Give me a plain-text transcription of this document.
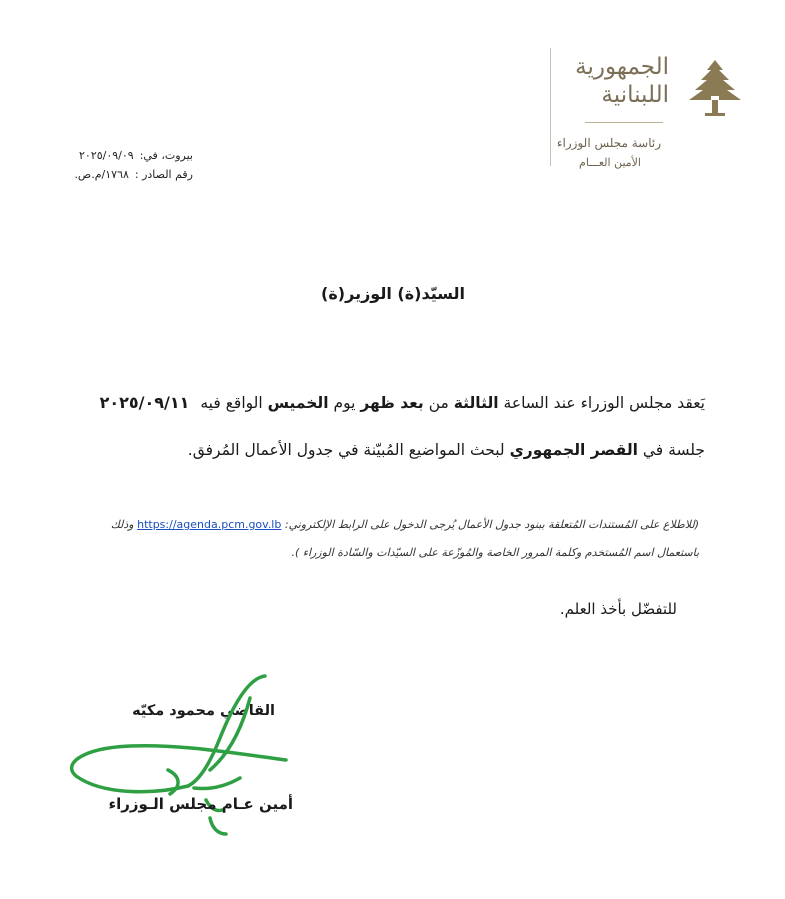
الجمهورية
اللبنانية
رئاسة مجلس الوزراء
الأمين العـــام
بيروت، في:
٢٠٢٥/٠٩/٠٩
رقم الصادر :
١٧٦٨/م.ص.
السيّد(ة) الوزير(ة)
يَعقد مجلس الوزراء عند الساعة الثالثة من بعد ظهر يوم الخميس الواقع فيه ٢٠٢٥/٠٩/١١
جلسة في القصر الجمهوري لبحث المواضيع المُبيّنة في جدول الأعمال المُرفق.
(للاطلاع على المُستندات المُتعلقة ببنود جدول الأعمال يُرجى الدخول على الرابط الإلكتروني: https://agenda.pcm.gov.lb وذلك
باستعمال اسم المُستخدم وكلمة المرور الخاصة والمُوزّعة على السيّدات والسّادة الوزراء ).
للتفضّل بأخذ العلم.
القاضي محمود مكيّه
أمين عـام مجلس الـوزراء
